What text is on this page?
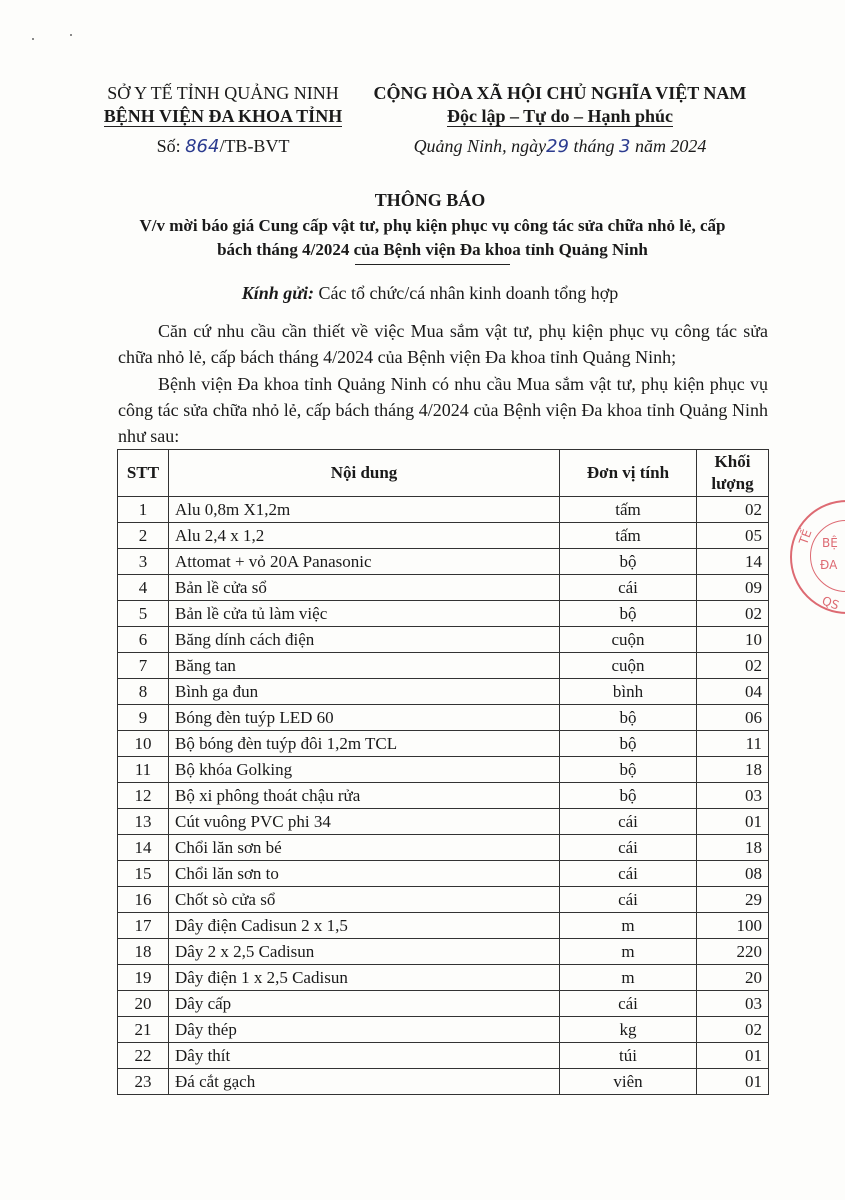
SỞ Y TẾ TỈNH QUẢNG NINH
BỆNH VIỆN ĐA KHOA TỈNH
Số: 864/TB-BVT
CỘNG HÒA XÃ HỘI CHỦ NGHĨA VIỆT NAM
Độc lập – Tự do – Hạnh phúc
Quảng Ninh, ngày29 tháng 3 năm 2024
THÔNG BÁO
V/v mời báo giá Cung cấp vật tư, phụ kiện phục vụ công tác sửa chữa nhỏ lẻ, cấp
bách tháng 4/2024 của Bệnh viện Đa khoa tỉnh Quảng Ninh
Kính gửi: Các tổ chức/cá nhân kinh doanh tổng hợp
Căn cứ nhu cầu cần thiết về việc Mua sắm vật tư, phụ kiện phục vụ công tác sửa chữa nhỏ lẻ, cấp bách tháng 4/2024 của Bệnh viện Đa khoa tỉnh Quảng Ninh;
Bệnh viện Đa khoa tỉnh Quảng Ninh có nhu cầu Mua sắm vật tư, phụ kiện phục vụ công tác sửa chữa nhỏ lẻ, cấp bách tháng 4/2024 của Bệnh viện Đa khoa tỉnh Quảng Ninh như sau:
STT	Nội dung	Đơn vị tính	Khối
lượng
1	Alu 0,8m X1,2m	tấm	02
2	Alu 2,4 x 1,2	tấm	05
3	Attomat + vỏ 20A Panasonic	bộ	14
4	Bản lề cửa sổ	cái	09
5	Bản lề cửa tủ làm việc	bộ	02
6	Băng dính cách điện	cuộn	10
7	Băng tan	cuộn	02
8	Bình ga đun	bình	04
9	Bóng đèn tuýp LED 60	bộ	06
10	Bộ bóng đèn tuýp đôi 1,2m TCL	bộ	11
11	Bộ khóa Golking	bộ	18
12	Bộ xi phông thoát chậu rửa	bộ	03
13	Cút vuông PVC phi 34	cái	01
14	Chổi lăn sơn bé	cái	18
15	Chổi lăn sơn to	cái	08
16	Chốt sò cửa sổ	cái	29
17	Dây điện Cadisun 2 x 1,5	m	100
18	Dây 2 x 2,5 Cadisun	m	220
19	Dây điện 1 x 2,5 Cadisun	m	20
20	Dây cấp	cái	03
21	Dây thép	kg	02
22	Dây thít	túi	01
23	Đá cắt gạch	viên	01
BỆ
ĐA
TẾ
QS
